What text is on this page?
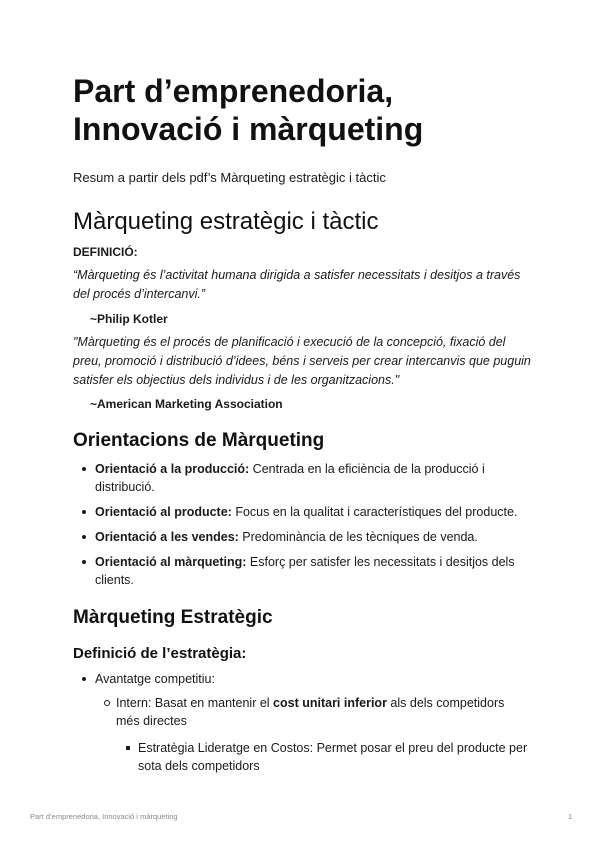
Part d’emprenedoria, Innovació i màrqueting

Resum a partir dels pdf’s Màrqueting estratègic i tàctic

Màrqueting estratègic i tàctic

DEFINICIÓ:

“Màrqueting és l’activitat humana dirigida a satisfer necessitats i desitjos a través del procés d’intercanvi.”

~Philip Kotler

"Màrqueting és el procés de planificació i execució de la concepció, fixació del preu, promoció i distribució d’idees, béns i serveis per crear intercanvis que puguin satisfer els objectius dels individus i de les organitzacions."

~American Marketing Association

Orientacions de Màrqueting
Orientació a la producció: Centrada en la eficiència de la producció i distribució.
Orientació al producte: Focus en la qualitat i característiques del producte.
Orientació a les vendes: Predominància de les tècniques de venda.
Orientació al màrqueting: Esforç per satisfer les necessitats i desitjos dels clients.
Màrqueting Estratègic
Definició de l’estratègia:
Avantatge competitiu:
Intern: Basat en mantenir el cost unitari inferior als dels competidors més directes
Estratègia Lideratge en Costos: Permet posar el preu del producte per sota dels competidors
Part d’emprenedoria, Innovació i màrqueting	1
